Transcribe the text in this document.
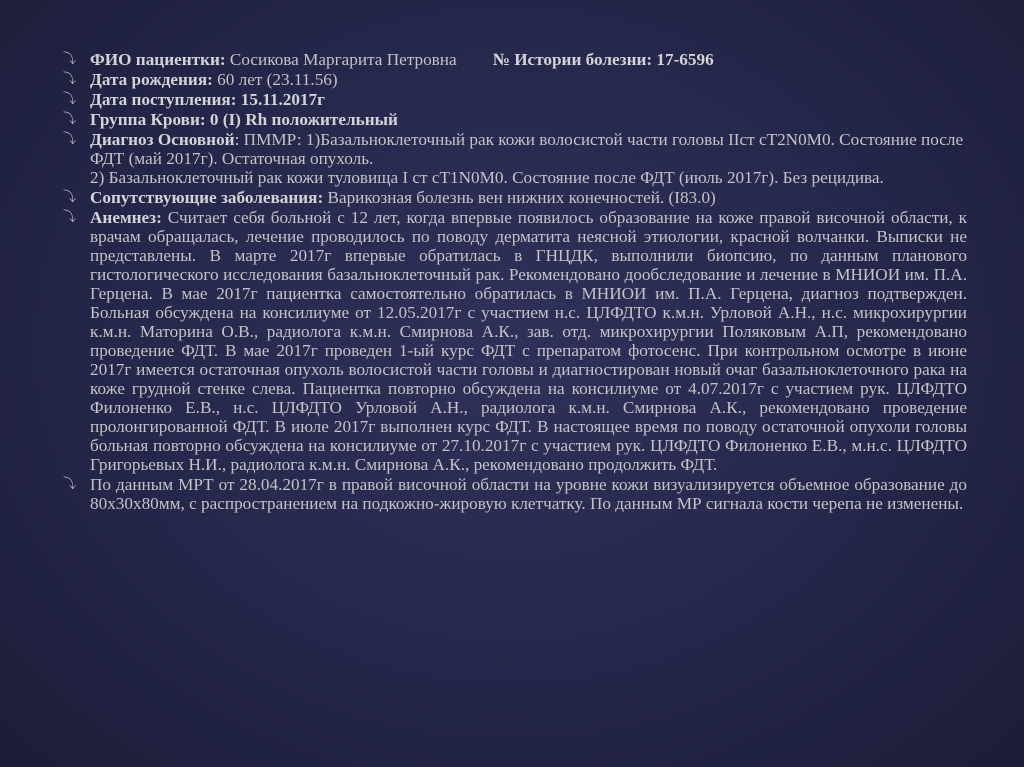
⤵ ФИО пациентки: Сосикова Маргарита Петровна № Истории болезни: 17-6596
⤵ Дата рождения: 60 лет (23.11.56)
⤵ Дата поступления: 15.11.2017г
⤵ Группа Крови: 0 (I) Rh положительный
⤵ Диагноз Основной: ПММР: 1)Базальноклеточный рак кожи волосистой части головы IIст cT2N0M0. Состояние после ФДТ (май 2017г). Остаточная опухоль.
2) Базальноклеточный рак кожи туловища I ст cT1N0M0. Состояние после ФДТ (июль 2017г). Без рецидива.
⤵ Сопутствующие заболевания: Варикозная болезнь вен нижних конечностей. (I83.0)
⤵ Анемнез: Считает себя больной с 12 лет, когда впервые появилось образование на коже правой височной области, к врачам обращалась, лечение проводилось по поводу дерматита неясной этиологии, красной волчанки. Выписки не представлены. В марте 2017г впервые обратилась в ГНЦДК, выполнили биопсию, по данным планового гистологического исследования базальноклеточный рак. Рекомендовано дообследование и лечение в МНИОИ им. П.А. Герцена. В мае 2017г пациентка самостоятельно обратилась в МНИОИ им. П.А. Герцена, диагноз подтвержден. Больная обсуждена на консилиуме от 12.05.2017г с участием н.с. ЦЛФДТО к.м.н. Урловой А.Н., н.с. микрохирургии к.м.н. Маторина О.В., радиолога к.м.н. Смирнова А.К., зав. отд. микрохирургии Поляковым А.П, рекомендовано проведение ФДТ. В мае 2017г проведен 1-ый курс ФДТ с препаратом фотосенс. При контрольном осмотре в июне 2017г имеется остаточная опухоль волосистой части головы и диагностирован новый очаг базальноклеточного рака на коже грудной стенке слева. Пациентка повторно обсуждена на консилиуме от 4.07.2017г с участием рук. ЦЛФДТО Филоненко Е.В., н.с. ЦЛФДТО Урловой А.Н., радиолога к.м.н. Смирнова А.К., рекомендовано проведение пролонгированной ФДТ. В июле 2017г выполнен курс ФДТ. В настоящее время по поводу остаточной опухоли головы больная повторно обсуждена на консилиуме от 27.10.2017г с участием рук. ЦЛФДТО Филоненко Е.В., м.н.с. ЦЛФДТО Григорьевых Н.И., радиолога к.м.н. Смирнова А.К., рекомендовано продолжить ФДТ.
⤵ По данным МРТ от 28.04.2017г в правой височной области на уровне кожи визуализируется объемное образование до 80х30х80мм, с распространением на подкожно-жировую клетчатку. По данным МР сигнала кости черепа не изменены.
